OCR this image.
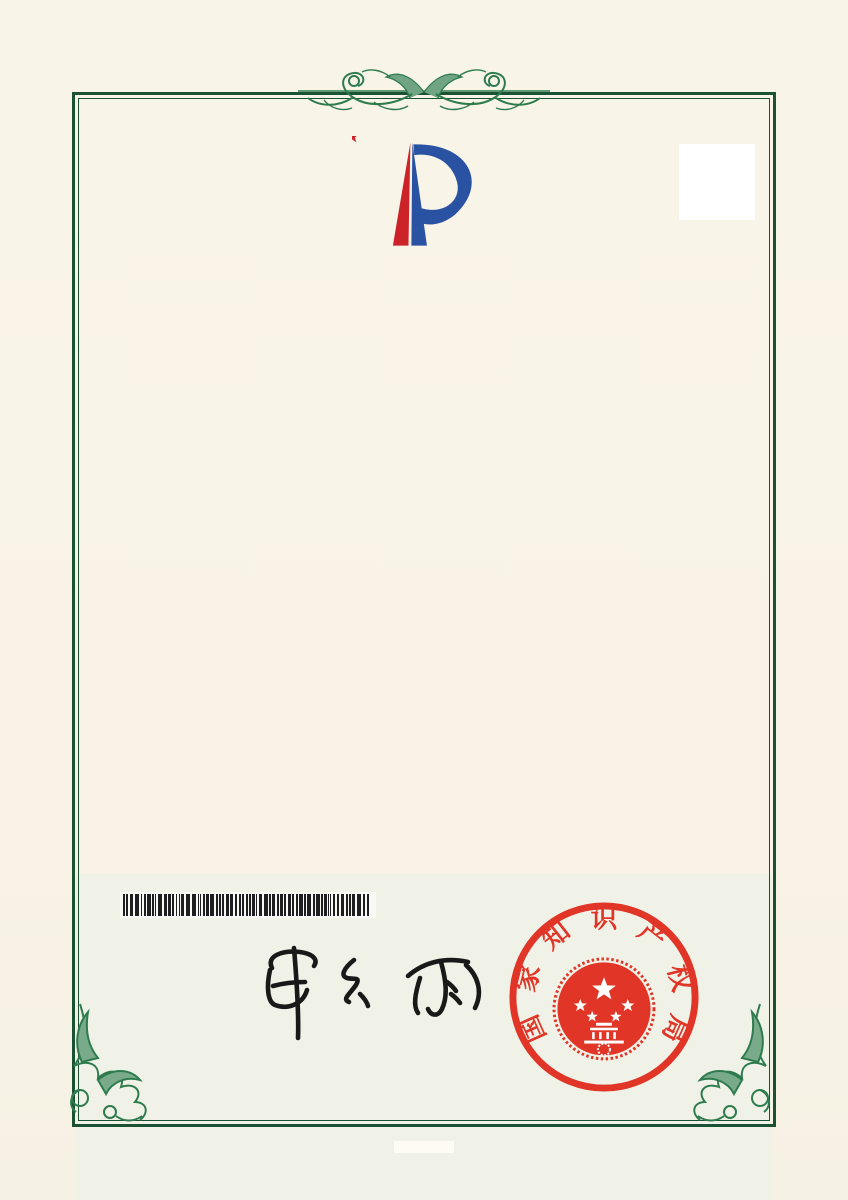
国
家
知 识 产
权
局
